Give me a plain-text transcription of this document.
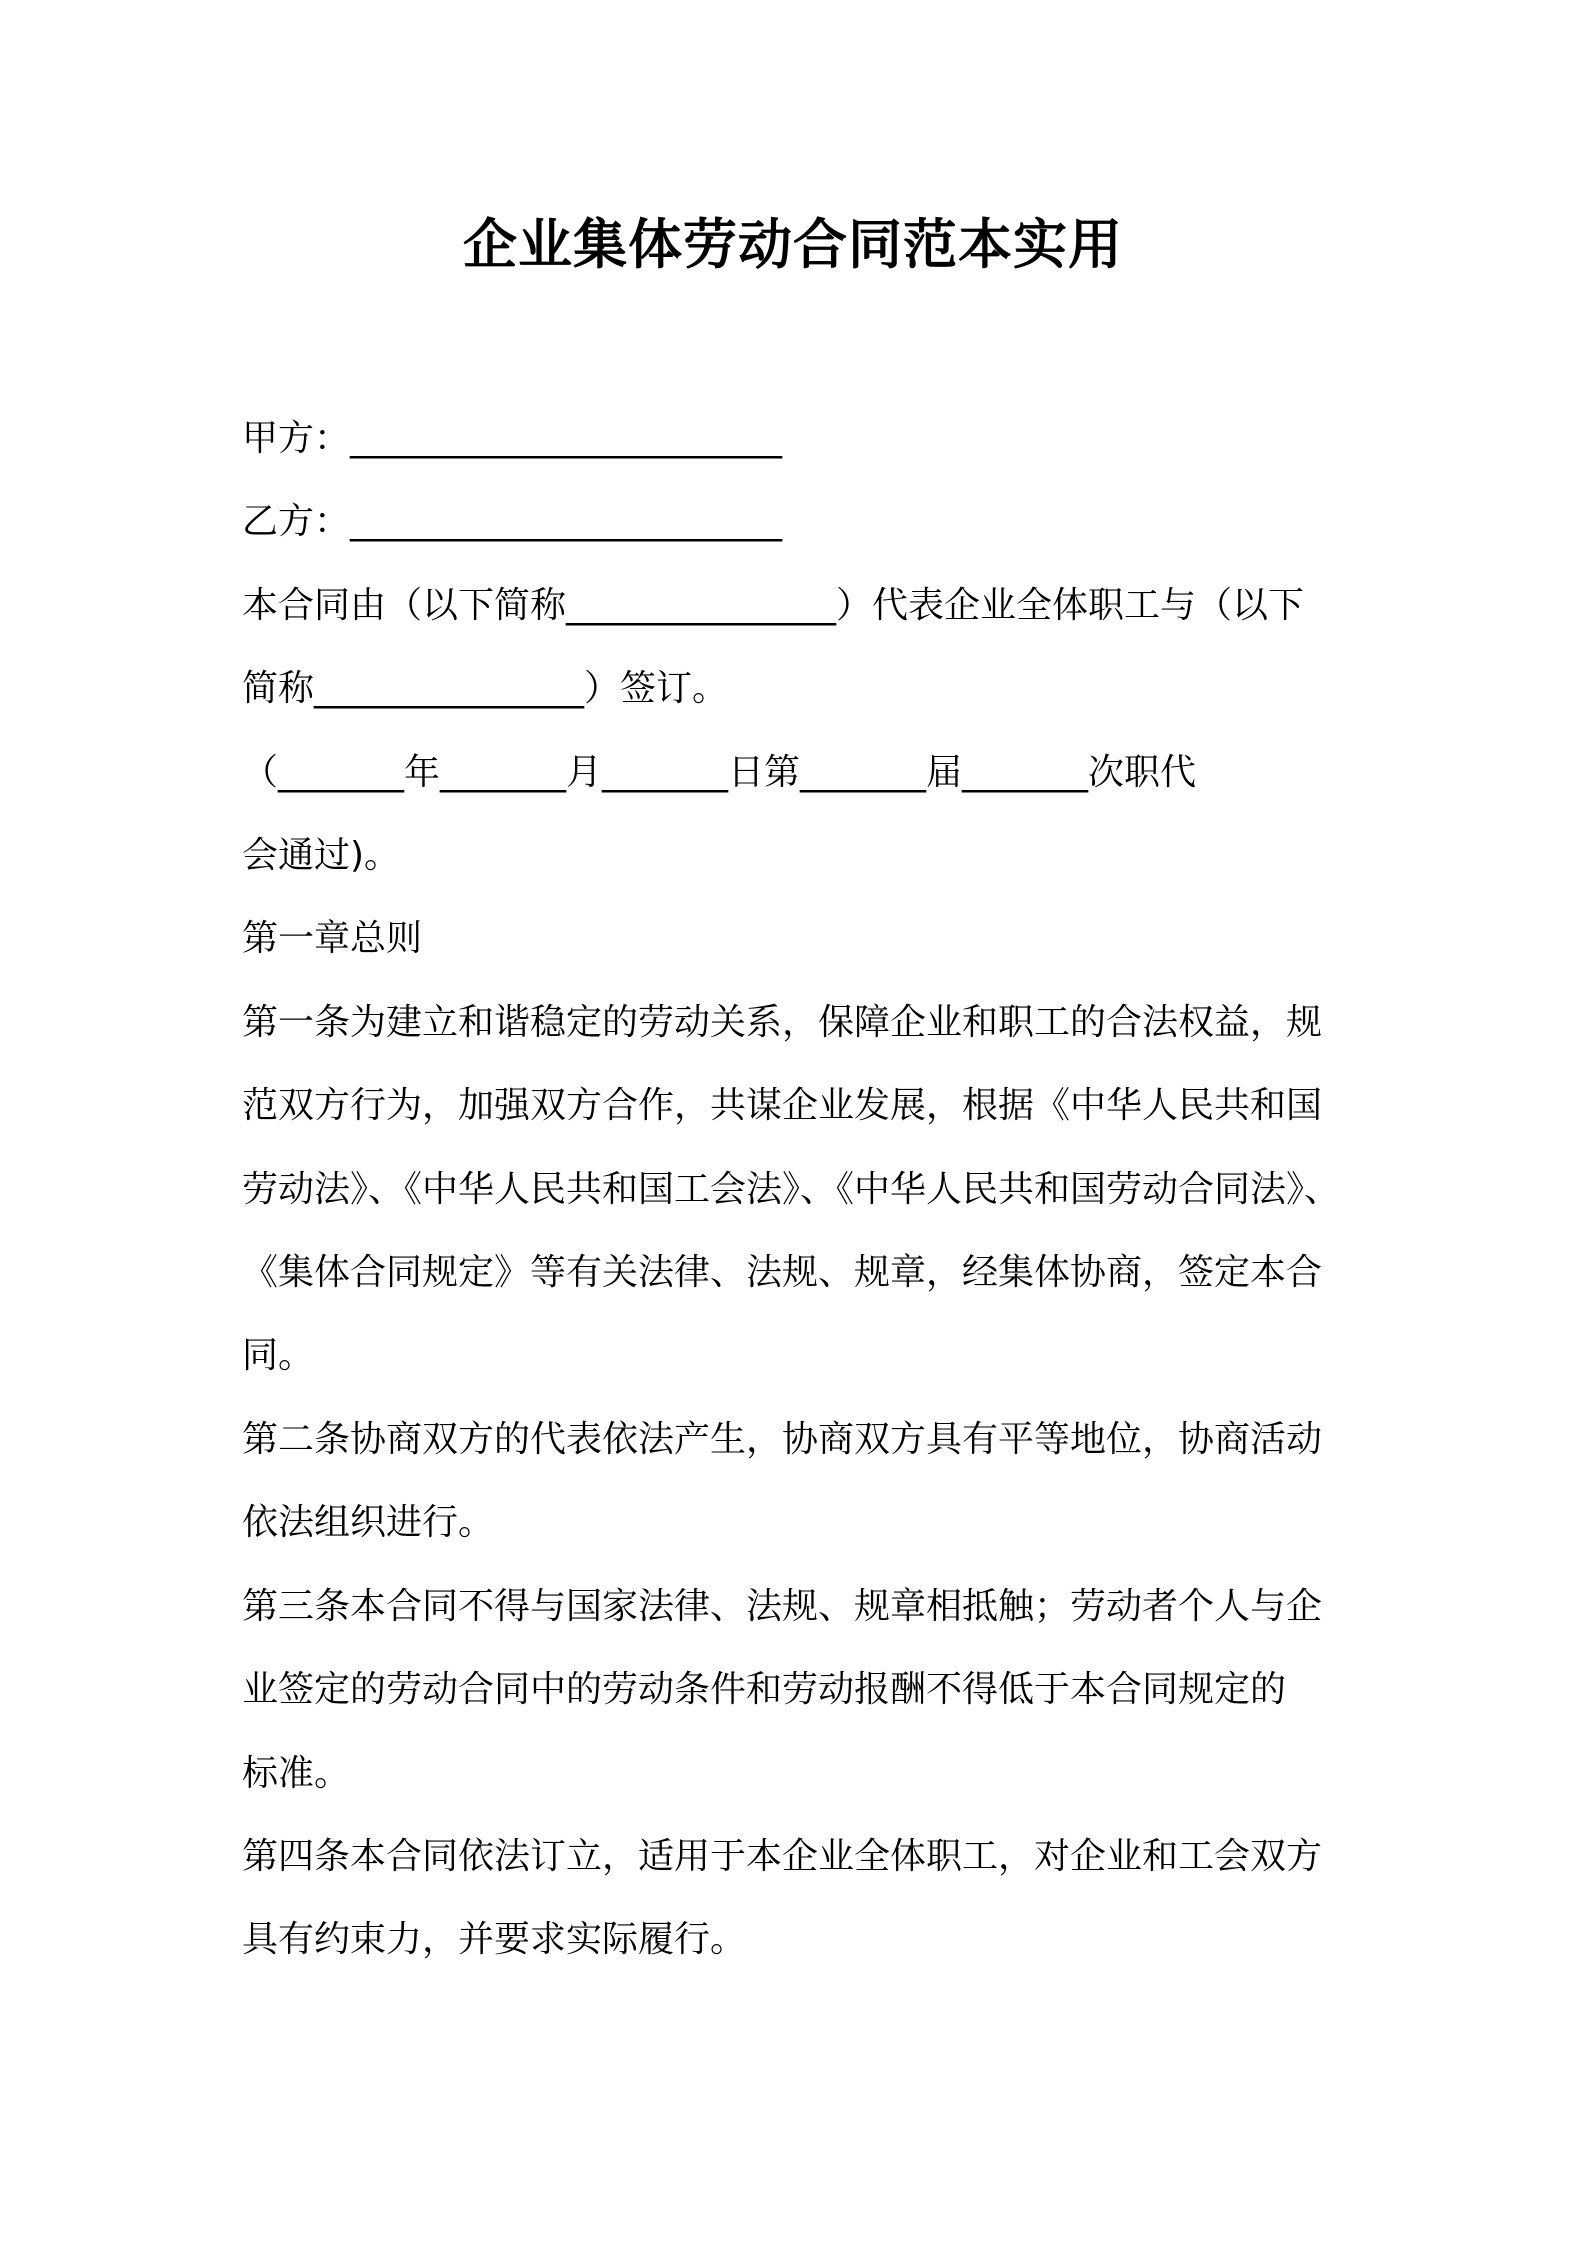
企业集体劳动合同范本实用

甲方：________________________

乙方：________________________

本合同由（以下简称_______________）代表企业全体职工与（以下

简称_______________）签订。

（_______年_______月_______日第_______届_______次职代

会通过)。

第一章总则

第一条为建立和谐稳定的劳动关系，保障企业和职工的合法权益，规

范双方行为，加强双方合作，共谋企业发展，根据《中华人民共和国

劳动法》、《中华人民共和国工会法》、《中华人民共和国劳动合同法》、

《集体合同规定》等有关法律、法规、规章，经集体协商，签定本合

同。

第二条协商双方的代表依法产生，协商双方具有平等地位，协商活动

依法组织进行。

第三条本合同不得与国家法律、法规、规章相抵触；劳动者个人与企

业签定的劳动合同中的劳动条件和劳动报酬不得低于本合同规定的

标准。

第四条本合同依法订立，适用于本企业全体职工，对企业和工会双方

具有约束力，并要求实际履行。
